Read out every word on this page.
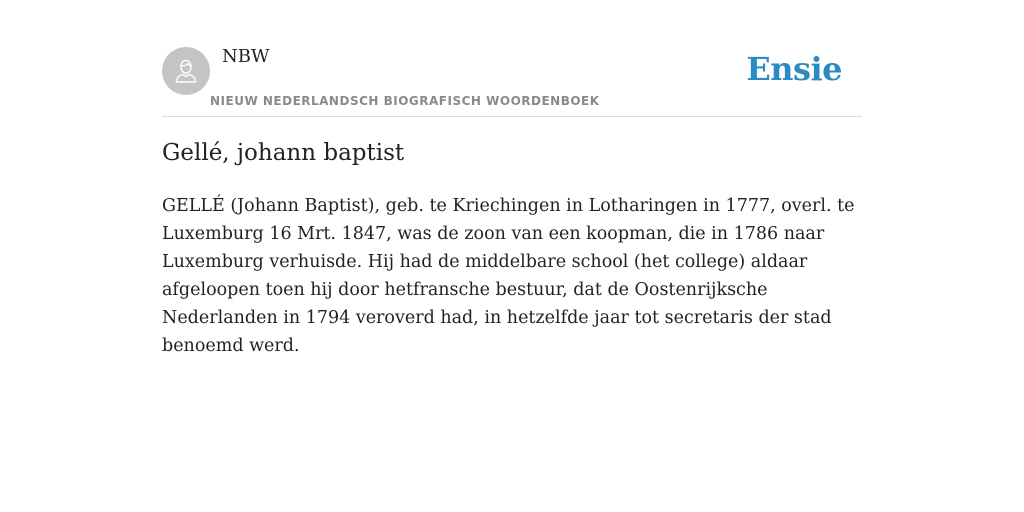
NBW

NIEUW NEDERLANDSCH BIOGRAFISCH WOORDENBOEK

Ensie

Gellé, johann baptist

GELLÉ (Johann Baptist), geb. te Kriechingen in Lotharingen in 1777, overl. te Luxemburg 16 Mrt. 1847, was de zoon van een koopman, die in 1786 naar Luxemburg verhuisde. Hij had de middelbare school (het college) aldaar afgeloopen toen hij door hetfransche bestuur, dat de Oostenrijksche Nederlanden in 1794 veroverd had, in hetzelfde jaar tot secretaris der stad benoemd werd.
